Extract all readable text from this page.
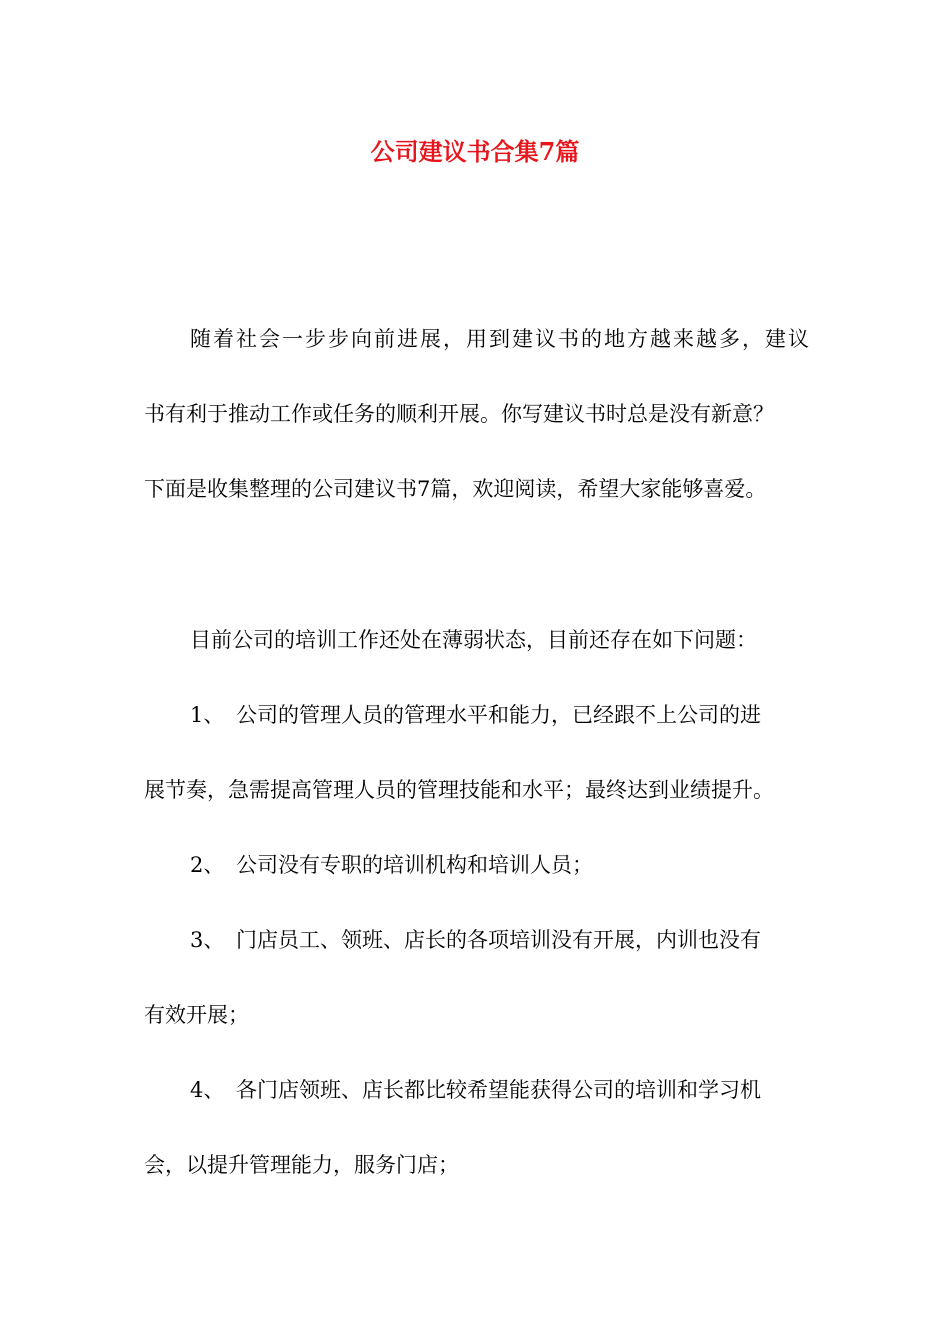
公司建议书合集7篇

随着社会一步步向前进展，用到建议书的地方越来越多，建议

书有利于推动工作或任务的顺利开展。你写建议书时总是没有新意？

下面是收集整理的公司建议书7篇，欢迎阅读，希望大家能够喜爱。

目前公司的培训工作还处在薄弱状态，目前还存在如下问题：

1、 公司的管理人员的管理水平和能力，已经跟不上公司的进

展节奏，急需提高管理人员的管理技能和水平；最终达到业绩提升。

2、 公司没有专职的培训机构和培训人员；

3、 门店员工、领班、店长的各项培训没有开展，内训也没有

有效开展；

4、 各门店领班、店长都比较希望能获得公司的培训和学习机

会，以提升管理能力，服务门店；
